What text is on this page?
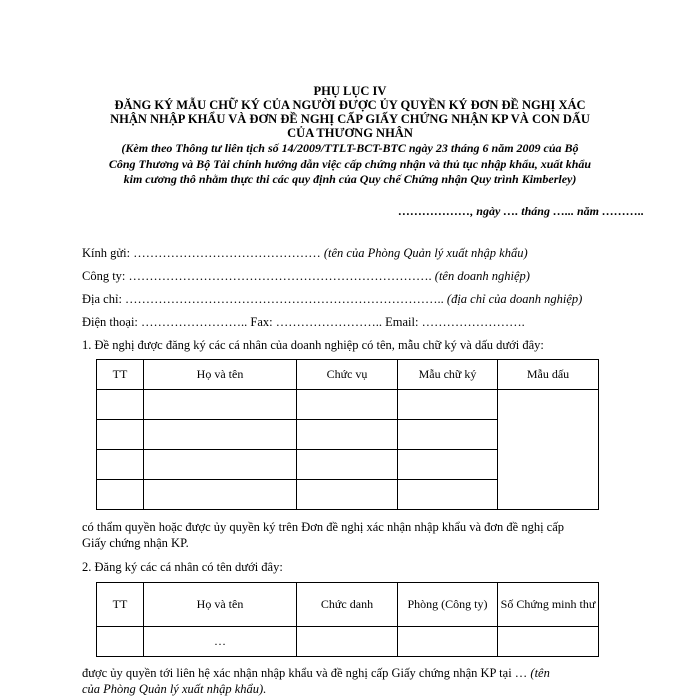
PHỤ LỤC IV
ĐĂNG KÝ MẪU CHỮ KÝ CỦA NGƯỜI ĐƯỢC ỦY QUYỀN KÝ ĐƠN ĐỀ NGHỊ XÁC
NHẬN NHẬP KHẨU VÀ ĐƠN ĐỀ NGHỊ CẤP GIẤY CHỨNG NHẬN KP VÀ CON DẤU
CỦA THƯƠNG NHÂN
(Kèm theo Thông tư liên tịch số 14/2009/TTLT-BCT-BTC ngày 23 tháng 6 năm 2009 của Bộ
Công Thương và Bộ Tài chính hướng dẫn việc cấp chứng nhận và thủ tục nhập khẩu, xuất khẩu
kim cương thô nhằm thực thi các quy định của Quy chế Chứng nhận Quy trình Kimberley)
………………, ngày …. tháng …... năm ………..
Kính gửi: ……………………………………… (tên của Phòng Quản lý xuất nhập khẩu)
Công ty: ………………………………………………………………. (tên doanh nghiệp)
Địa chỉ: ………………………………………………………………….. (địa chỉ của doanh nghiệp)
Điện thoại: …………………….. Fax: …………………….. Email: …………………….
1. Đề nghị được đăng ký các cá nhân của doanh nghiệp có tên, mẫu chữ ký và dấu dưới đây:
TT	Họ và tên	Chức vụ	Mẫu chữ ký	Mẫu dấu

có thẩm quyền hoặc được ủy quyền ký trên Đơn đề nghị xác nhận nhập khẩu và đơn đề nghị cấp
Giấy chứng nhận KP.
2. Đăng ký các cá nhân có tên dưới đây:
TT	Họ và tên	Chức danh	Phòng (Công ty)	Số Chứng minh thư
	…			
được ủy quyền tới liên hệ xác nhận nhập khẩu và đề nghị cấp Giấy chứng nhận KP tại … (tên
của Phòng Quản lý xuất nhập khẩu).
